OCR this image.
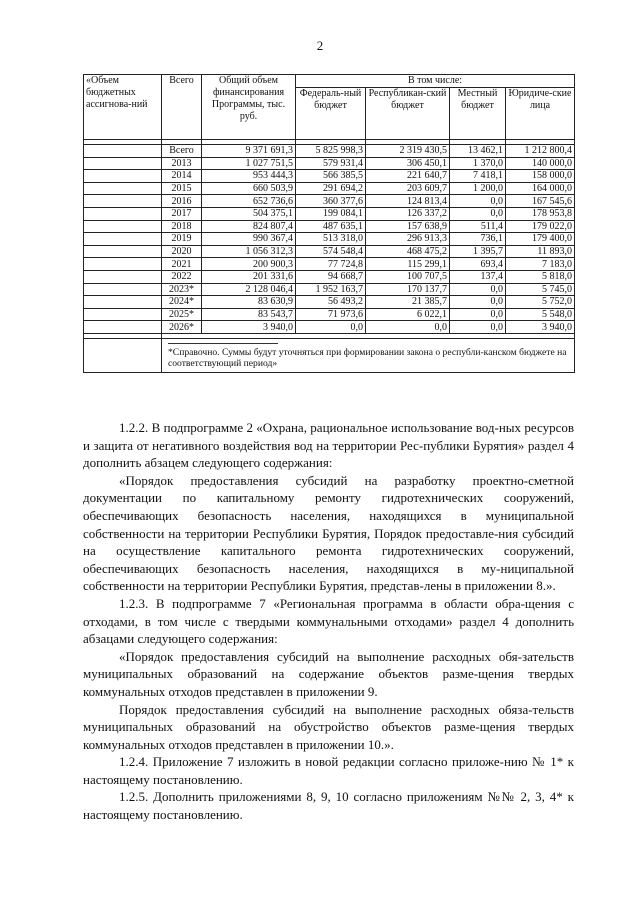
2
«Объем бюджетных ассигнова-ний	Всего	Общий объем финансирования Программы, тыс. руб.	В том числе:			
			Федераль-ный бюджет	Республикан-ский бюджет	Местный бюджет	Юридиче-ские лица

	Всего	9 371 691,3	5 825 998,3	2 319 430,5	13 462,1	1 212 800,4
	2013	1 027 751,5	579 931,4	306 450,1	1 370,0	140 000,0
	2014	953 444,3	566 385,5	221 640,7	7 418,1	158 000,0
	2015	660 503,9	291 694,2	203 609,7	1 200,0	164 000,0
	2016	652 736,6	360 377,6	124 813,4	0,0	167 545,6
	2017	504 375,1	199 084,1	126 337,2	0,0	178 953,8
	2018	824 807,4	487 635,1	157 638,9	511,4	179 022,0
	2019	990 367,4	513 318,0	296 913,3	736,1	179 400,0
	2020	1 056 312,3	574 548,4	468 475,2	1 395,7	11 893,0
	2021	200 900,3	77 724,8	115 299,1	693,4	7 183,0
	2022	201 331,6	94 668,7	100 707,5	137,4	5 818,0
	2023*	2 128 046,4	1 952 163,7	170 137,7	0,0	5 745,0
	2024*	83 630,9	56 493,2	21 385,7	0,0	5 752,0
	2025*	83 543,7	71 973,6	6 022,1	0,0	5 548,0
	2026*	3 940,0	0,0	0,0	0,0	3 940,0

	*Справочно. Суммы будут уточняться при формировании закона о республи-канском бюджете на соответствующий период»					

1.2.2. В подпрограмме 2 «Охрана, рациональное использование вод-ных ресурсов и защита от негативного воздействия вод на территории Рес-публики Бурятия» раздел 4 дополнить абзацем следующего содержания:

«Порядок предоставления субсидий на разработку проектно-сметной документации по капитальному ремонту гидротехнических сооружений, обеспечивающих безопасность населения, находящихся в муниципальной собственности на территории Республики Бурятия, Порядок предоставле-ния субсидий на осуществление капитального ремонта гидротехнических сооружений, обеспечивающих безопасность населения, находящихся в му-ниципальной собственности на территории Республики Бурятия, представ-лены в приложении 8.».

1.2.3. В подпрограмме 7 «Региональная программа в области обра-щения с отходами, в том числе с твердыми коммунальными отходами» раздел 4 дополнить абзацами следующего содержания:

«Порядок предоставления субсидий на выполнение расходных обя-зательств муниципальных образований на содержание объектов разме-щения твердых коммунальных отходов представлен в приложении 9.

Порядок предоставления субсидий на выполнение расходных обяза-тельств муниципальных образований на обустройство объектов разме-щения твердых коммунальных отходов представлен в приложении 10.».

1.2.4. Приложение 7 изложить в новой редакции согласно приложе-нию № 1* к настоящему постановлению.

1.2.5. Дополнить приложениями 8, 9, 10 согласно приложениям №№ 2, 3, 4* к настоящему постановлению.
